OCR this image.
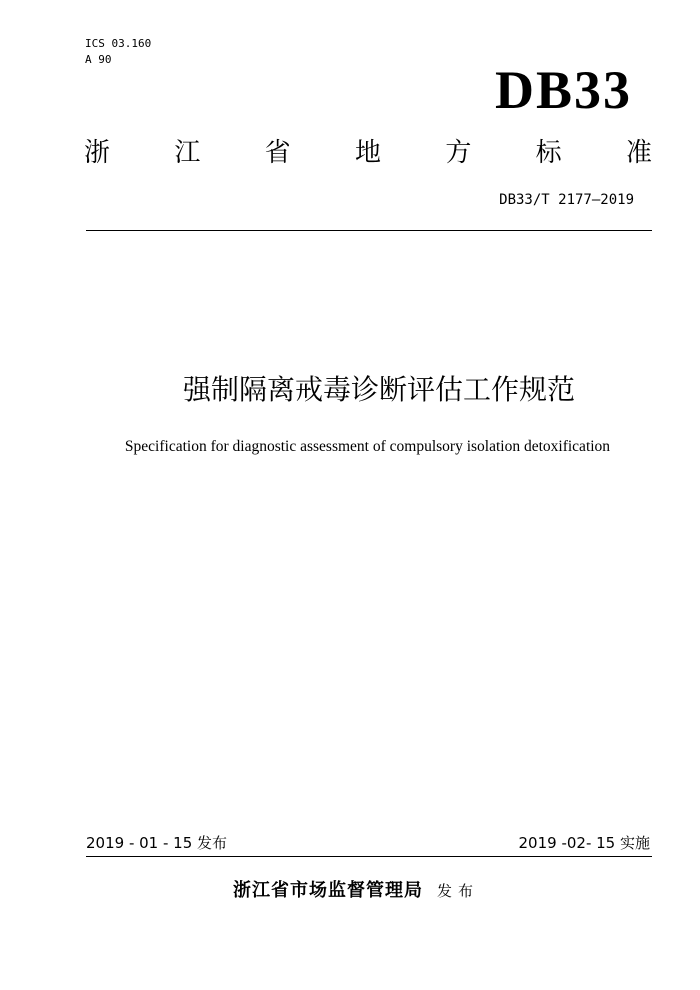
ICS 03.160
A 90
DB33
浙 江 省 地 方 标 准
DB33/T 2177—2019
强制隔离戒毒诊断评估工作规范
Specification for diagnostic assessment of compulsory isolation detoxification
2019 - 01 - 15 发布	2019 -02- 15 实施
浙江省市场监督管理局 发布
